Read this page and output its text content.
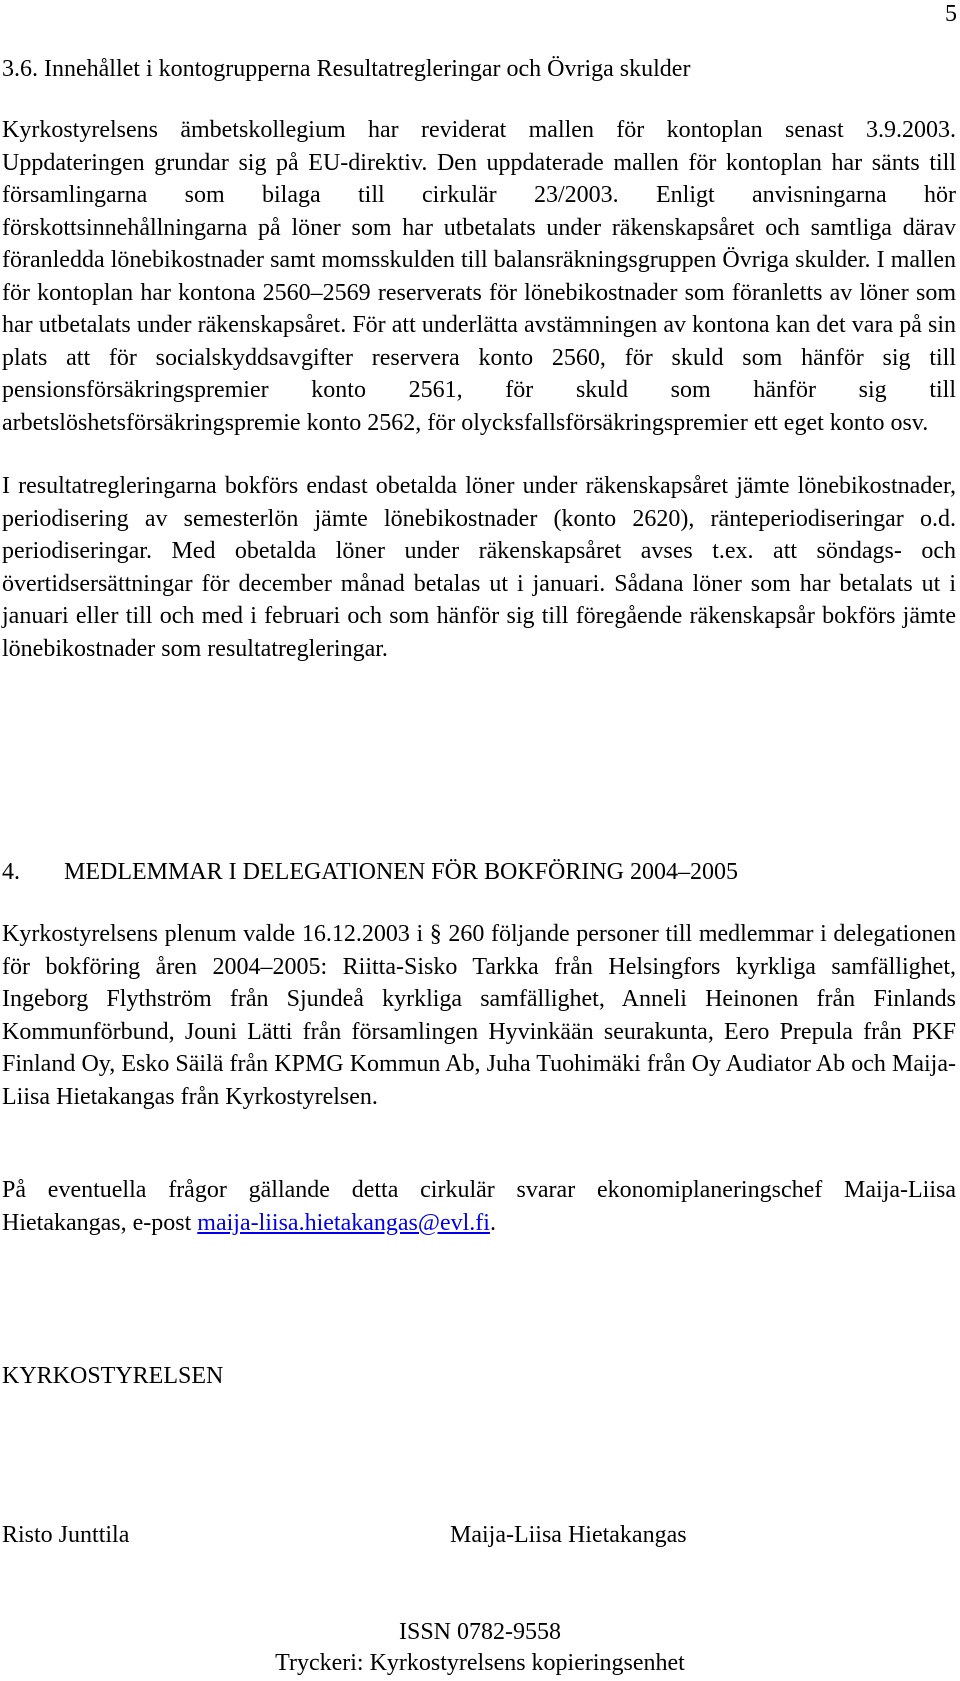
5
3.6. Innehållet i kontogrupperna Resultatregleringar och Övriga skulder

Kyrkostyrelsens ämbetskollegium har reviderat mallen för kontoplan senast 3.9.2003. Uppdateringen grundar sig på EU-direktiv. Den uppdaterade mallen för kontoplan har sänts till församlingarna som bilaga till cirkulär 23/2003. Enligt anvisningarna hör förskottsinnehållningarna på löner som har utbetalats under räkenskapsåret och samtliga därav föranledda lönebikostnader samt momsskulden till balansräkningsgruppen Övriga skulder. I mallen för kontoplan har kontona 2560–2569 reserverats för lönebikostnader som föranletts av löner som har utbetalats under räkenskapsåret. För att underlätta avstämningen av kontona kan det vara på sin plats att för socialskyddsavgifter reservera konto 2560, för skuld som hänför sig till pensionsförsäkringspremier konto 2561, för skuld som hänför sig till arbetslöshetsförsäkringspremie konto 2562, för olycksfallsförsäkringspremier ett eget konto osv.

I resultatregleringarna bokförs endast obetalda löner under räkenskapsåret jämte lönebikostnader, periodisering av semesterlön jämte lönebikostnader (konto 2620), ränteperiodiseringar o.d. periodiseringar. Med obetalda löner under räkenskapsåret avses t.ex. att söndags- och övertidsersättningar för december månad betalas ut i januari. Sådana löner som har betalats ut i januari eller till och med i februari och som hänför sig till föregående räkenskapsår bokförs jämte lönebikostnader som resultatregleringar.

4. MEDLEMMAR I DELEGATIONEN FÖR BOKFÖRING 2004–2005

Kyrkostyrelsens plenum valde 16.12.2003 i § 260 följande personer till medlemmar i delegationen för bokföring åren 2004–2005: Riitta-Sisko Tarkka från Helsingfors kyrkliga samfällighet, Ingeborg Flythström från Sjundeå kyrkliga samfällighet, Anneli Heinonen från Finlands Kommunförbund, Jouni Lätti från församlingen Hyvinkään seurakunta, Eero Prepula från PKF Finland Oy, Esko Säilä från KPMG Kommun Ab, Juha Tuohimäki från Oy Audiator Ab och Maija-Liisa Hietakangas från Kyrkostyrelsen.

På eventuella frågor gällande detta cirkulär svarar ekonomiplaneringschef Maija-Liisa Hietakangas, e-post maija-liisa.hietakangas@evl.fi.

KYRKOSTYRELSEN
Risto Junttila	Maija-Liisa Hietakangas
ISSN 0782-9558
Tryckeri: Kyrkostyrelsens kopieringsenhet
